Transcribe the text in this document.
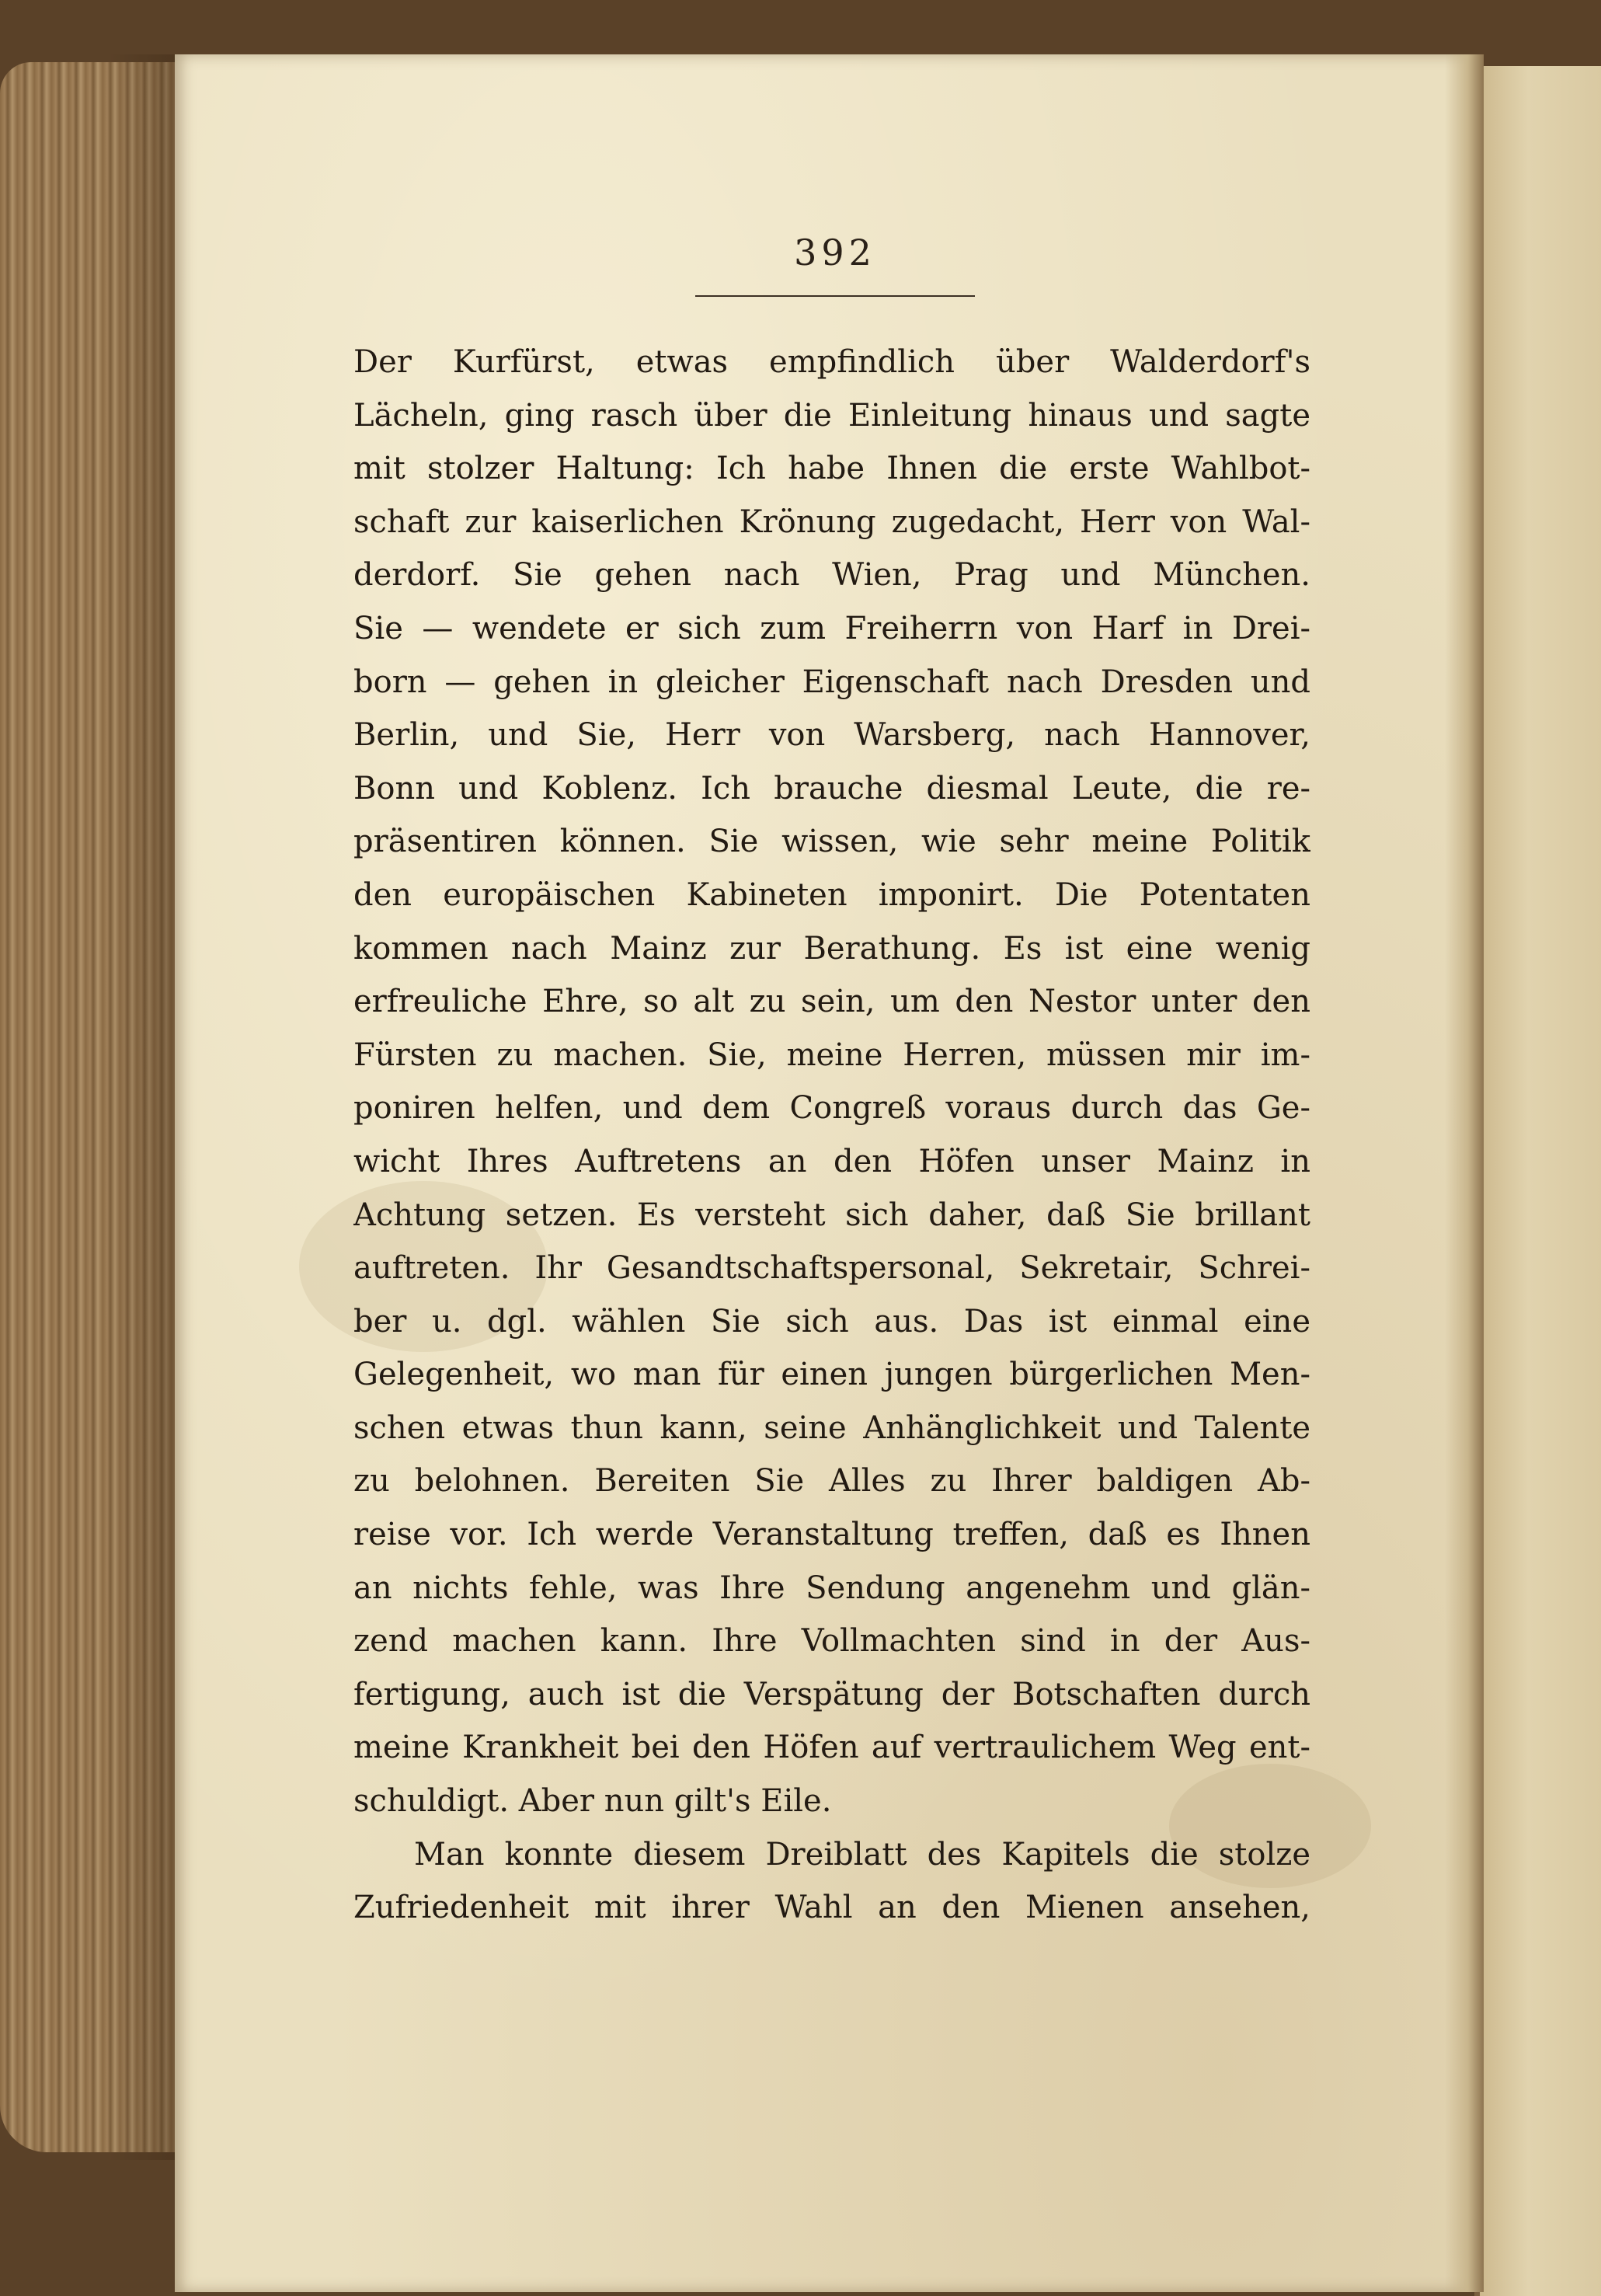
392
Der Kurfürst, etwas empfindlich über Walderdorf's
Lächeln, ging rasch über die Einleitung hinaus und sagte
mit stolzer Haltung: Ich habe Ihnen die erste Wahlbot-
schaft zur kaiserlichen Krönung zugedacht, Herr von Wal-
derdorf. Sie gehen nach Wien, Prag und München.
Sie — wendete er sich zum Freiherrn von Harf in Drei-
born — gehen in gleicher Eigenschaft nach Dresden und
Berlin, und Sie, Herr von Warsberg, nach Hannover,
Bonn und Koblenz. Ich brauche diesmal Leute, die re-
präsentiren können. Sie wissen, wie sehr meine Politik
den europäischen Kabineten imponirt. Die Potentaten
kommen nach Mainz zur Berathung. Es ist eine wenig
erfreuliche Ehre, so alt zu sein, um den Nestor unter den
Fürsten zu machen. Sie, meine Herren, müssen mir im-
poniren helfen, und dem Congreß voraus durch das Ge-
wicht Ihres Auftretens an den Höfen unser Mainz in
Achtung setzen. Es versteht sich daher, daß Sie brillant
auftreten. Ihr Gesandtschaftspersonal, Sekretair, Schrei-
ber u. dgl. wählen Sie sich aus. Das ist einmal eine
Gelegenheit, wo man für einen jungen bürgerlichen Men-
schen etwas thun kann, seine Anhänglichkeit und Talente
zu belohnen. Bereiten Sie Alles zu Ihrer baldigen Ab-
reise vor. Ich werde Veranstaltung treffen, daß es Ihnen
an nichts fehle, was Ihre Sendung angenehm und glän-
zend machen kann. Ihre Vollmachten sind in der Aus-
fertigung, auch ist die Verspätung der Botschaften durch
meine Krankheit bei den Höfen auf vertraulichem Weg ent-
schuldigt. Aber nun gilt's Eile.
Man konnte diesem Dreiblatt des Kapitels die stolze
Zufriedenheit mit ihrer Wahl an den Mienen ansehen,
